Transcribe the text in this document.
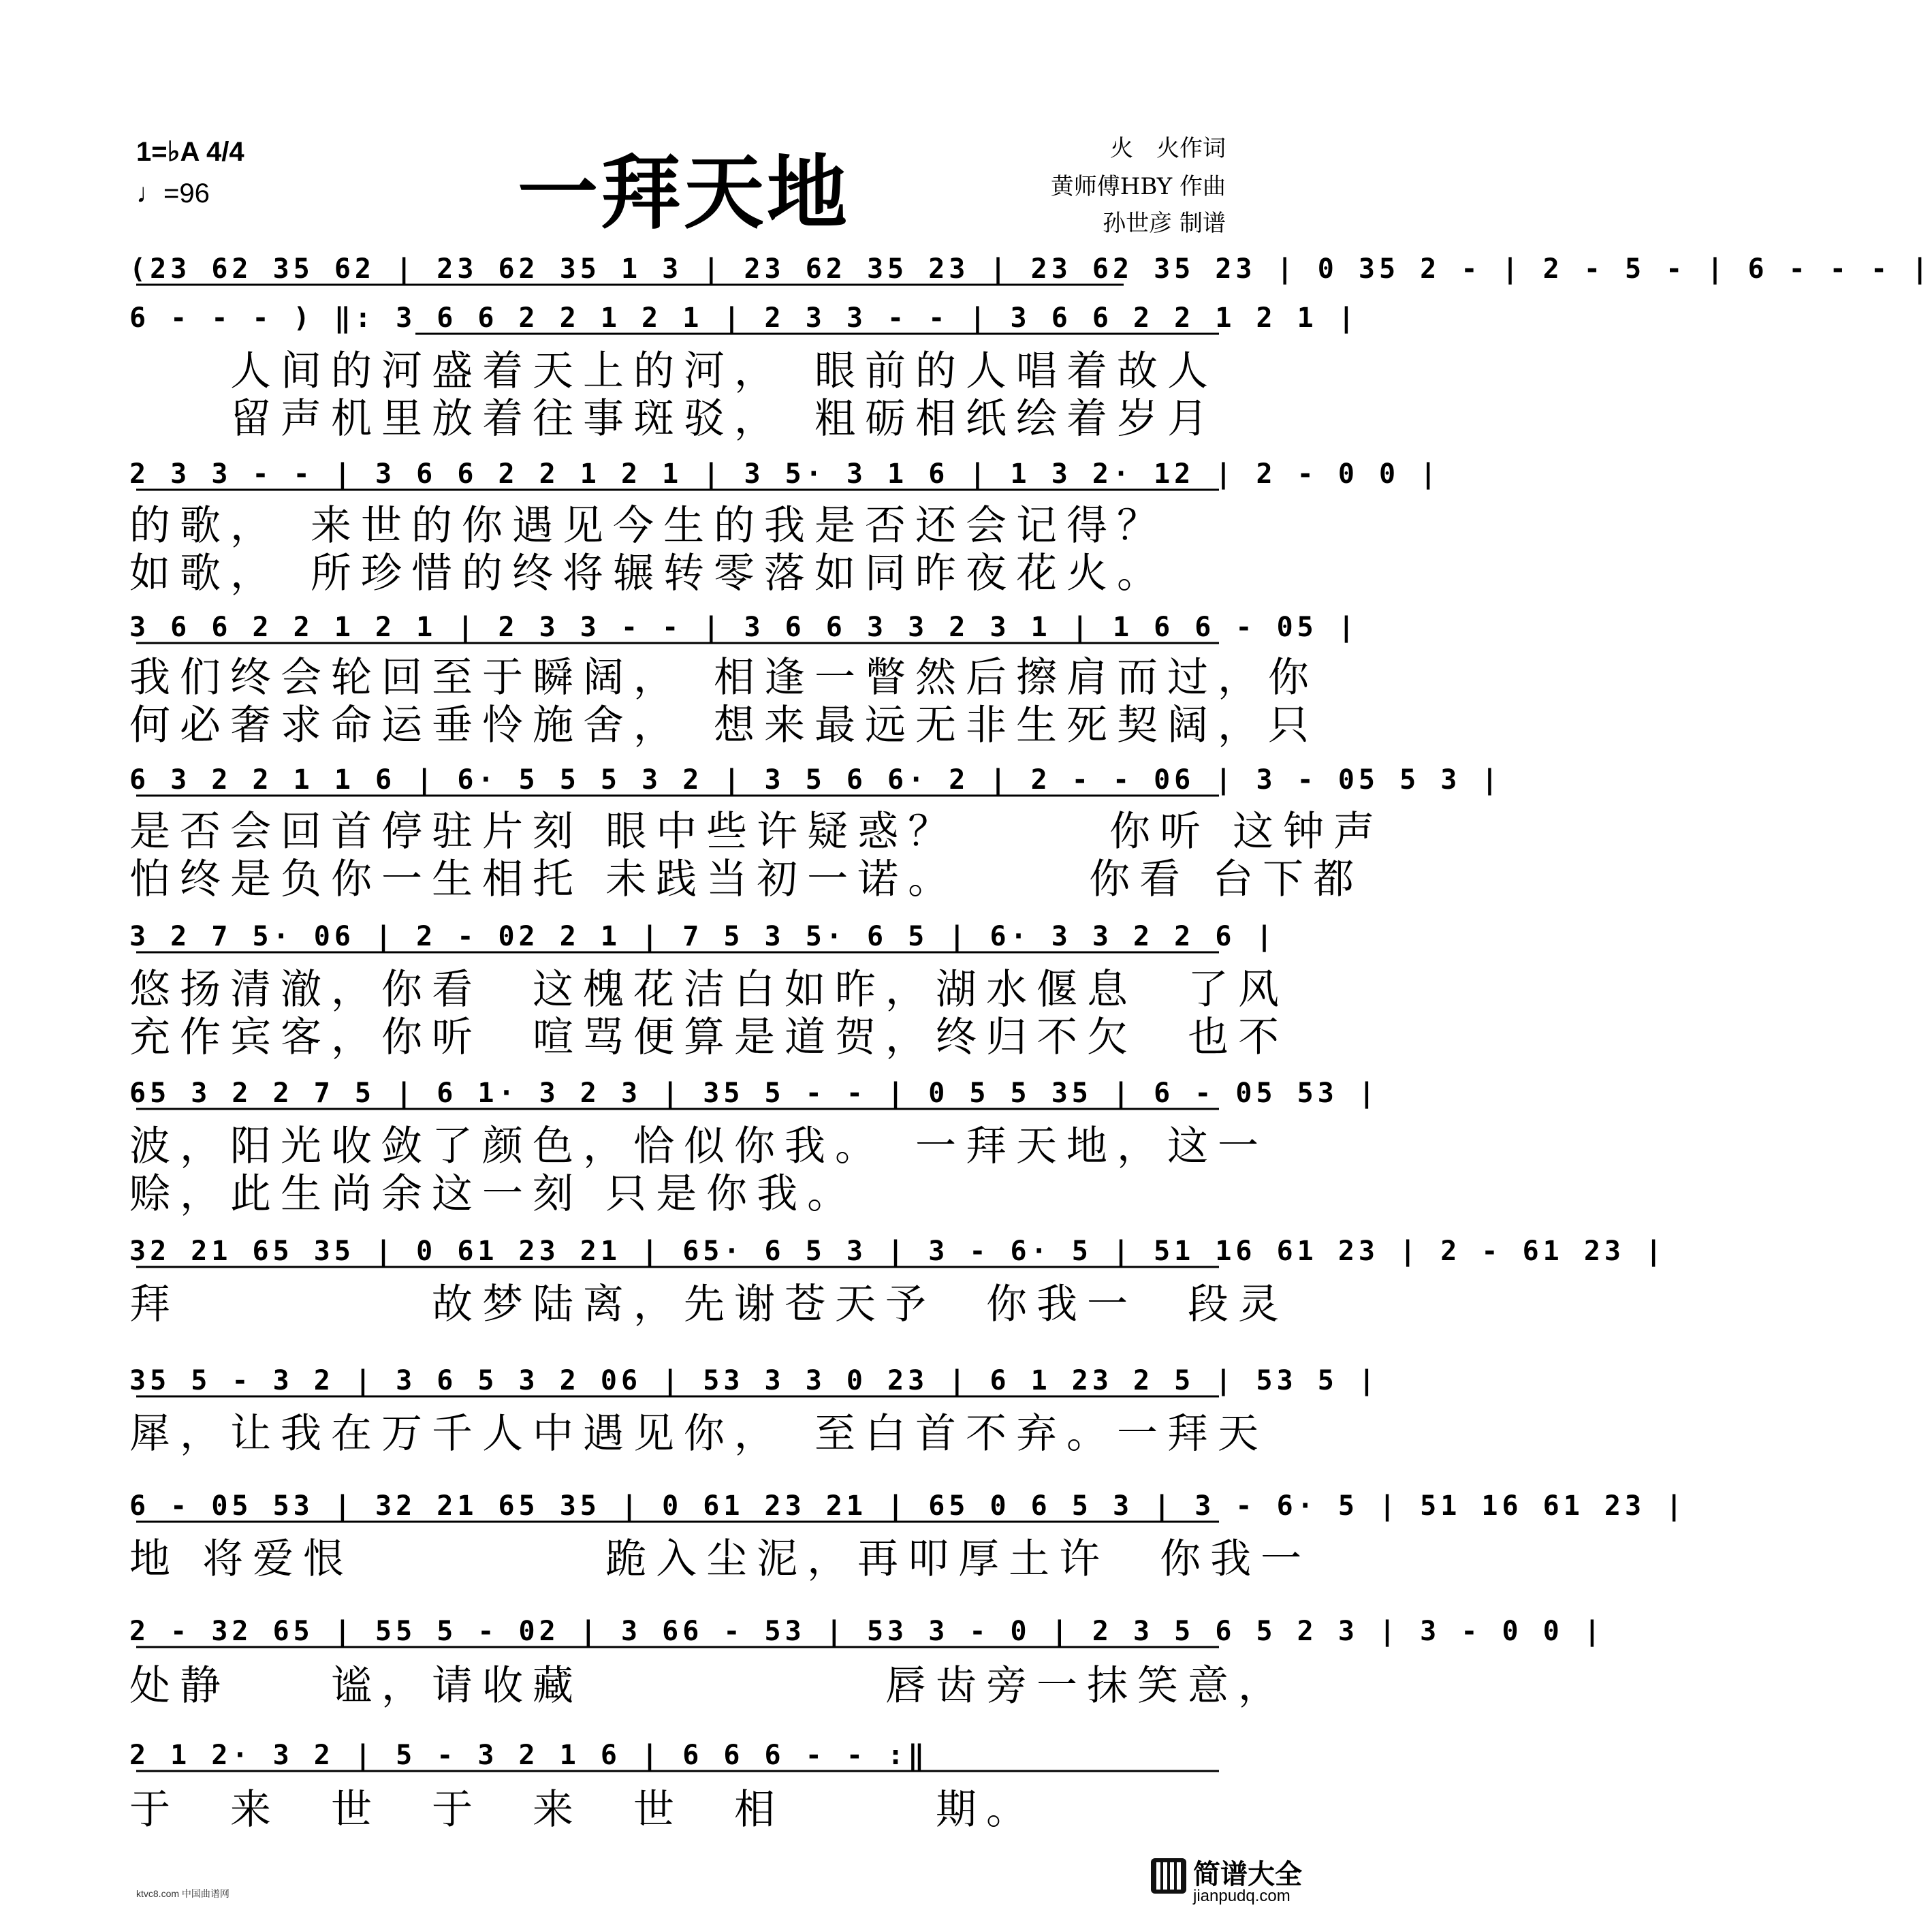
1=♭A 4/4
♩=96	一拜天地	火　火作词
黄师傅HBY 作曲
孙世彦 制谱
(23 62 35 62 | 23 62 35 1 3 | 23 62 35 23 | 23 62 35 23 | 0 35 2 - | 2 - 5 - | 6 - - - |
6 - - - ) ‖: 3 6 6 2 2 1 2 1 | 2 3 3 - - | 3 6 6 2 2 1 2 1 |
　　人间的河盛着天上的河，　眼前的人唱着故人
　　留声机里放着往事斑驳，　粗砺相纸绘着岁月
2 3 3 - - | 3 6 6 2 2 1 2 1 | 3 5· 3 1 6 | 1 3 2· 12 | 2 - 0 0 |
的歌，　来世的你遇见今生的我是否还会记得？
如歌，　所珍惜的终将辗转零落如同昨夜花火。
3 6 6 2 2 1 2 1 | 2 3 3 - - | 3 6 6 3 3 2 3 1 | 1 6 6 - 05 |
我们终会轮回至于瞬阔，　相逢一瞥然后擦肩而过，你
何必奢求命运垂怜施舍，　想来最远无非生死契阔，只
6 3 2 2 1 1 6 | 6· 5 5 5 3 2 | 3 5 6 6· 2 | 2 - - 06 | 3 - 05 5 3 |
是否会回首停驻片刻 眼中些许疑惑？　　　你听 这钟声
怕终是负你一生相托 未践当初一诺。　　　你看 台下都
3 2 7 5· 06 | 2 - 02 2 1 | 7 5 3 5· 6 5 | 6· 3 3 2 2 6 |
悠扬清澈，你看　这槐花洁白如昨，湖水偃息　了风
充作宾客，你听　喧骂便算是道贺，终归不欠　也不
65 3 2 2 7 5 | 6 1· 3 2 3 | 35 5 - - | 0 5 5 35 | 6 - 05 53 |
波，阳光收敛了颜色，恰似你我。　一拜天地，这一
赊，此生尚余这一刻 只是你我。
32 21 65 35 | 0 61 23 21 | 65· 6 5 3 | 3 - 6· 5 | 51 16 61 23 | 2 - 61 23 |
拜　　　　　故梦陆离，先谢苍天予　你我一　段灵
35 5 - 3 2 | 3 6 5 3 2 06 | 53 3 3 0 23 | 6 1 23 2 5 | 53 5 |
犀，让我在万千人中遇见你，　至白首不弃。一拜天
6 - 05 53 | 32 21 65 35 | 0 61 23 21 | 65 0 6 5 3 | 3 - 6· 5 | 51 16 61 23 |
地 将爱恨　　　　　跪入尘泥，再叩厚土许　你我一
2 - 32 65 | 55 5 - 02 | 3 66 - 53 | 53 3 - 0 | 2 3 5 6 5 2 3 | 3 - 0 0 |
处静　　谧，请收藏　　　　　　唇齿旁一抹笑意，
2 1 2· 3 2 | 5 - 3 2 1 6 | 6 6 6 - - :‖
于　来　世　于　来　世　相　　　期。
ktvc8.com 中国曲谱网
简谱大全
jianpudq.com
